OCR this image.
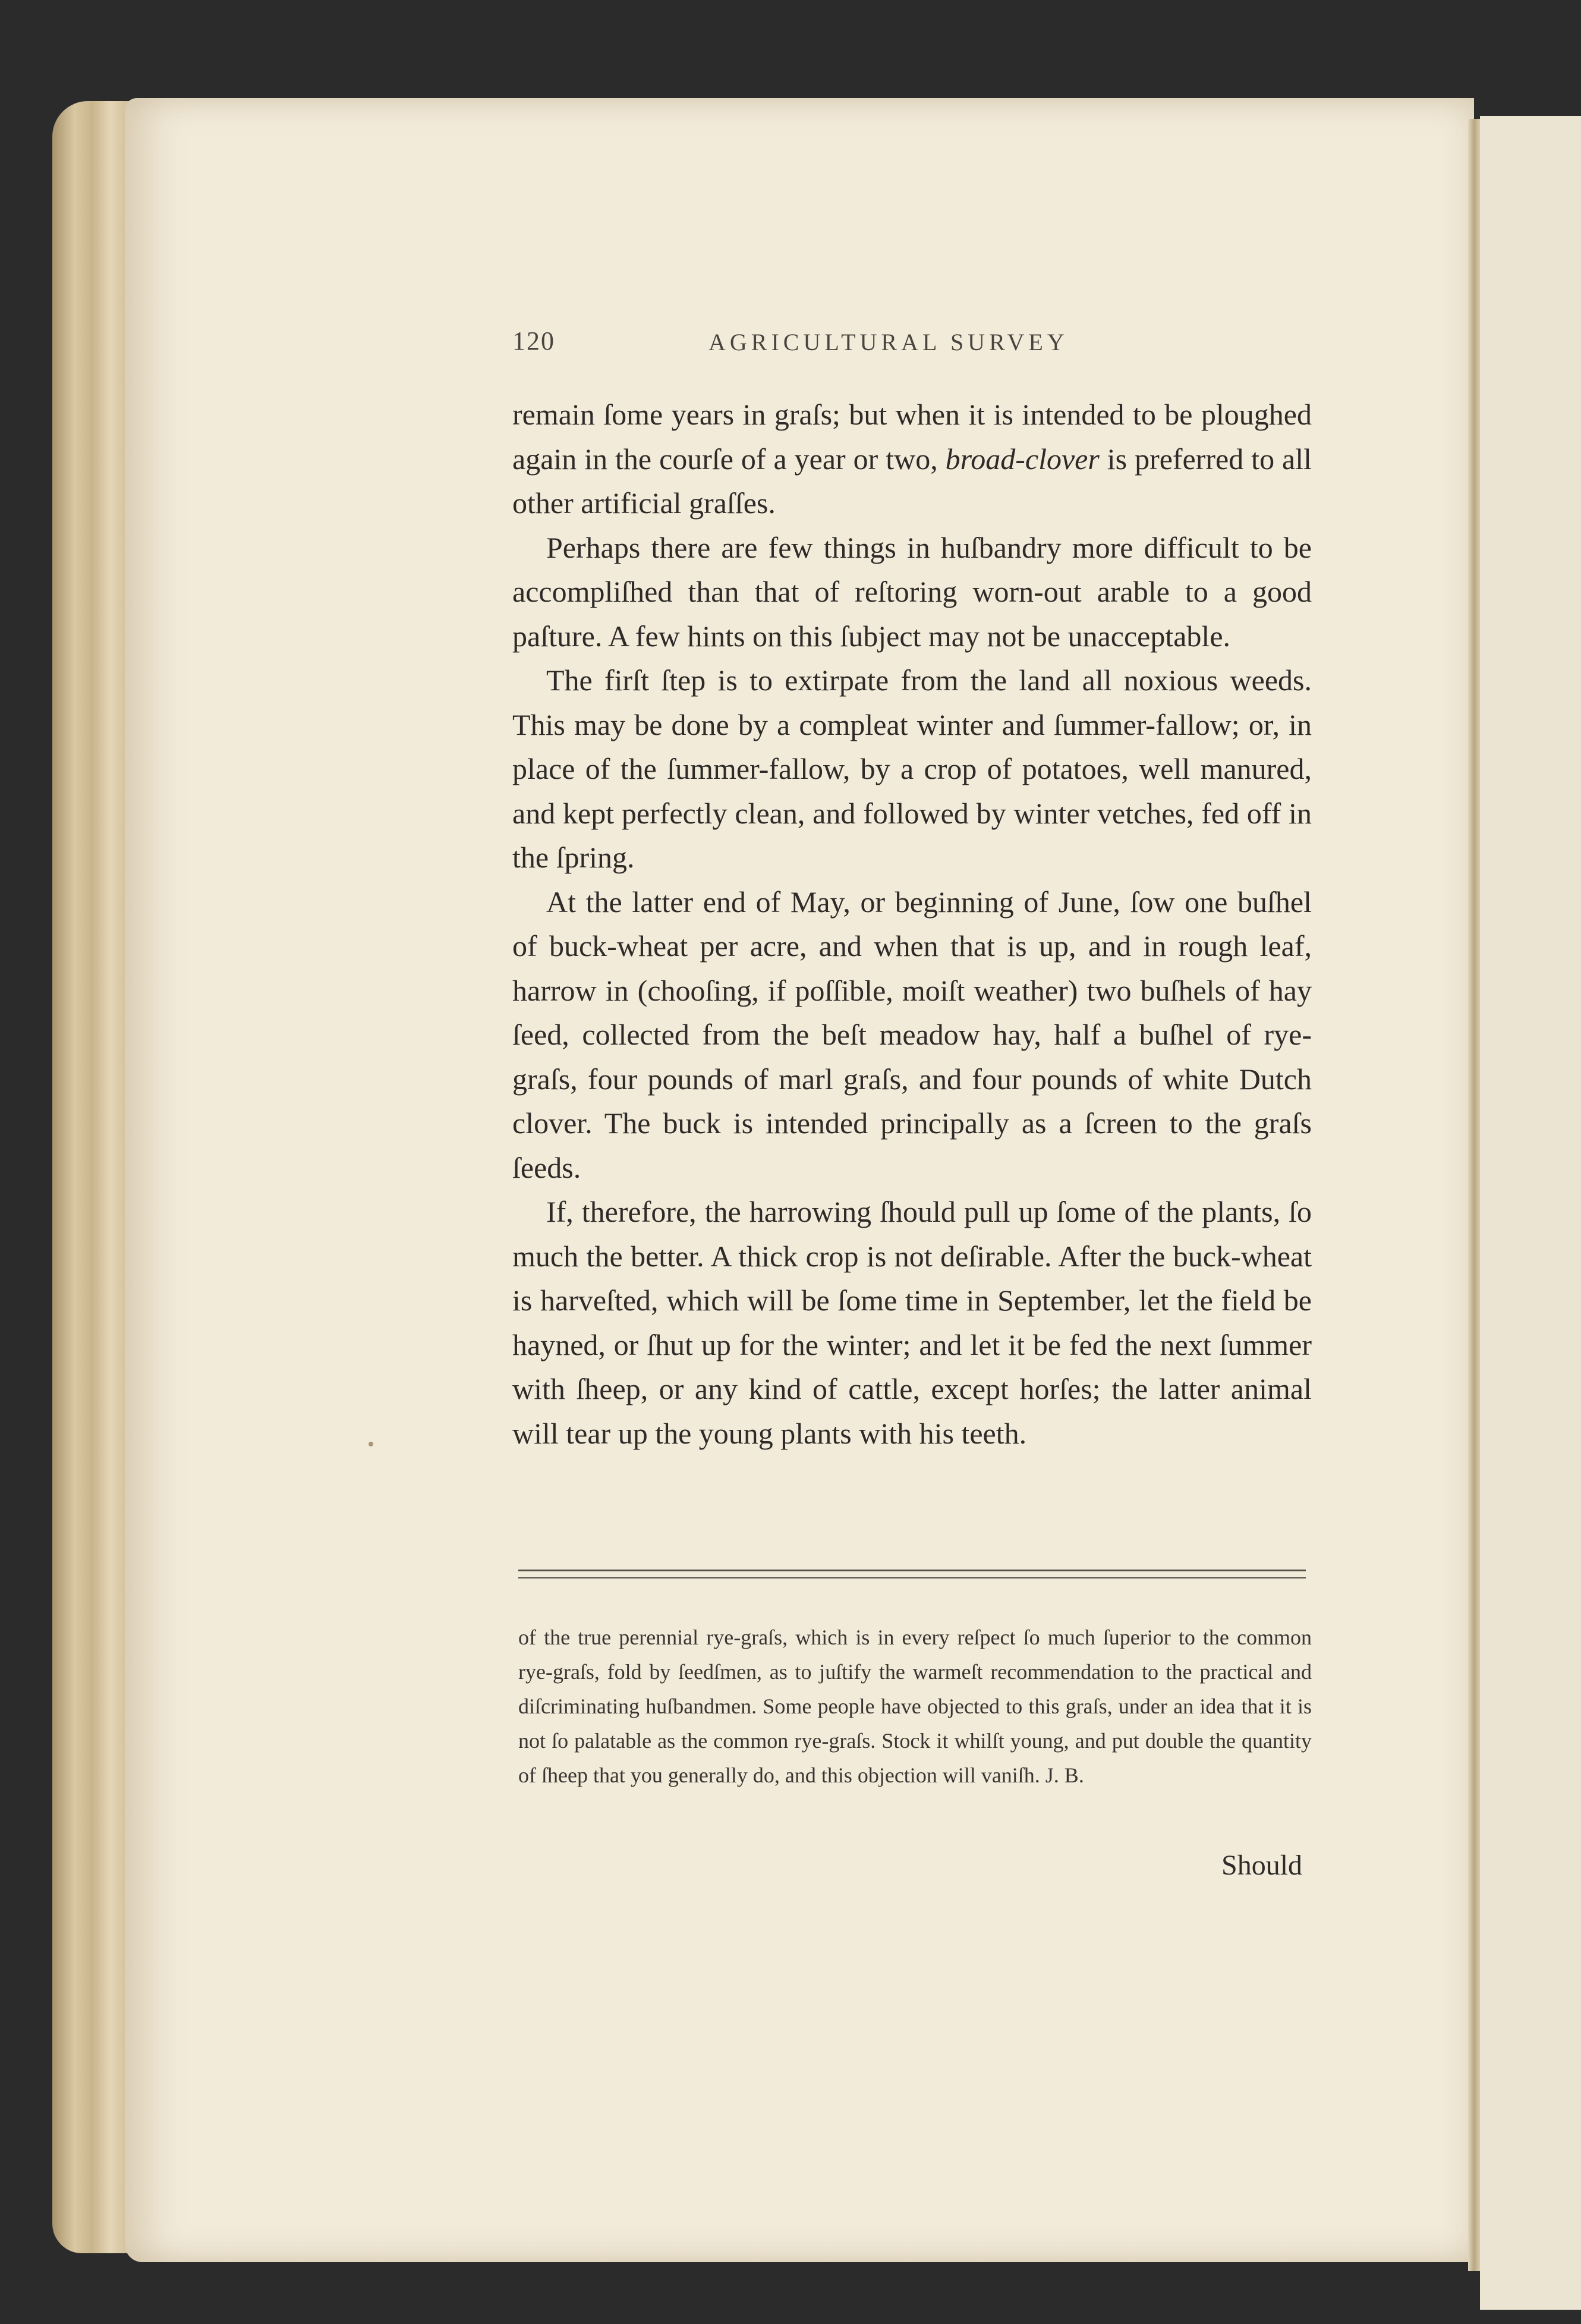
120	AGRICULTURAL SURVEY

remain ſome years in graſs; but when it is intended to be ploughed again in the courſe of a year or two, broad-clover is preferred to all other artificial graſſes.

Perhaps there are few things in huſbandry more difficult to be accompliſhed than that of reſtoring worn-out arable to a good paſture. A few hints on this ſubject may not be unacceptable.

The firſt ſtep is to extirpate from the land all noxious weeds. This may be done by a compleat winter and ſummer-fallow; or, in place of the ſummer-fallow, by a crop of potatoes, well manured, and kept perfectly clean, and followed by winter vetches, fed off in the ſpring.

At the latter end of May, or beginning of June, ſow one buſhel of buck-wheat per acre, and when that is up, and in rough leaf, harrow in (chooſing, if poſſible, moiſt weather) two buſhels of hay ſeed, collected from the beſt meadow hay, half a buſhel of rye-graſs, four pounds of marl graſs, and four pounds of white Dutch clover. The buck is intended principally as a ſcreen to the graſs ſeeds.

If, therefore, the harrowing ſhould pull up ſome of the plants, ſo much the better. A thick crop is not deſirable. After the buck-wheat is harveſted, which will be ſome time in September, let the field be hayned, or ſhut up for the winter; and let it be fed the next ſummer with ſheep, or any kind of cattle, except horſes; the latter animal will tear up the young plants with his teeth.

of the true perennial rye-graſs, which is in every reſpect ſo much ſuperior to the common rye-graſs, fold by ſeedſmen, as to juſtify the warmeſt recommendation to the practical and diſcriminating huſbandmen. Some people have objected to this graſs, under an idea that it is not ſo palatable as the common rye-graſs. Stock it whilſt young, and put double the quantity of ſheep that you generally do, and this objection will vaniſh. J. B.
Should
